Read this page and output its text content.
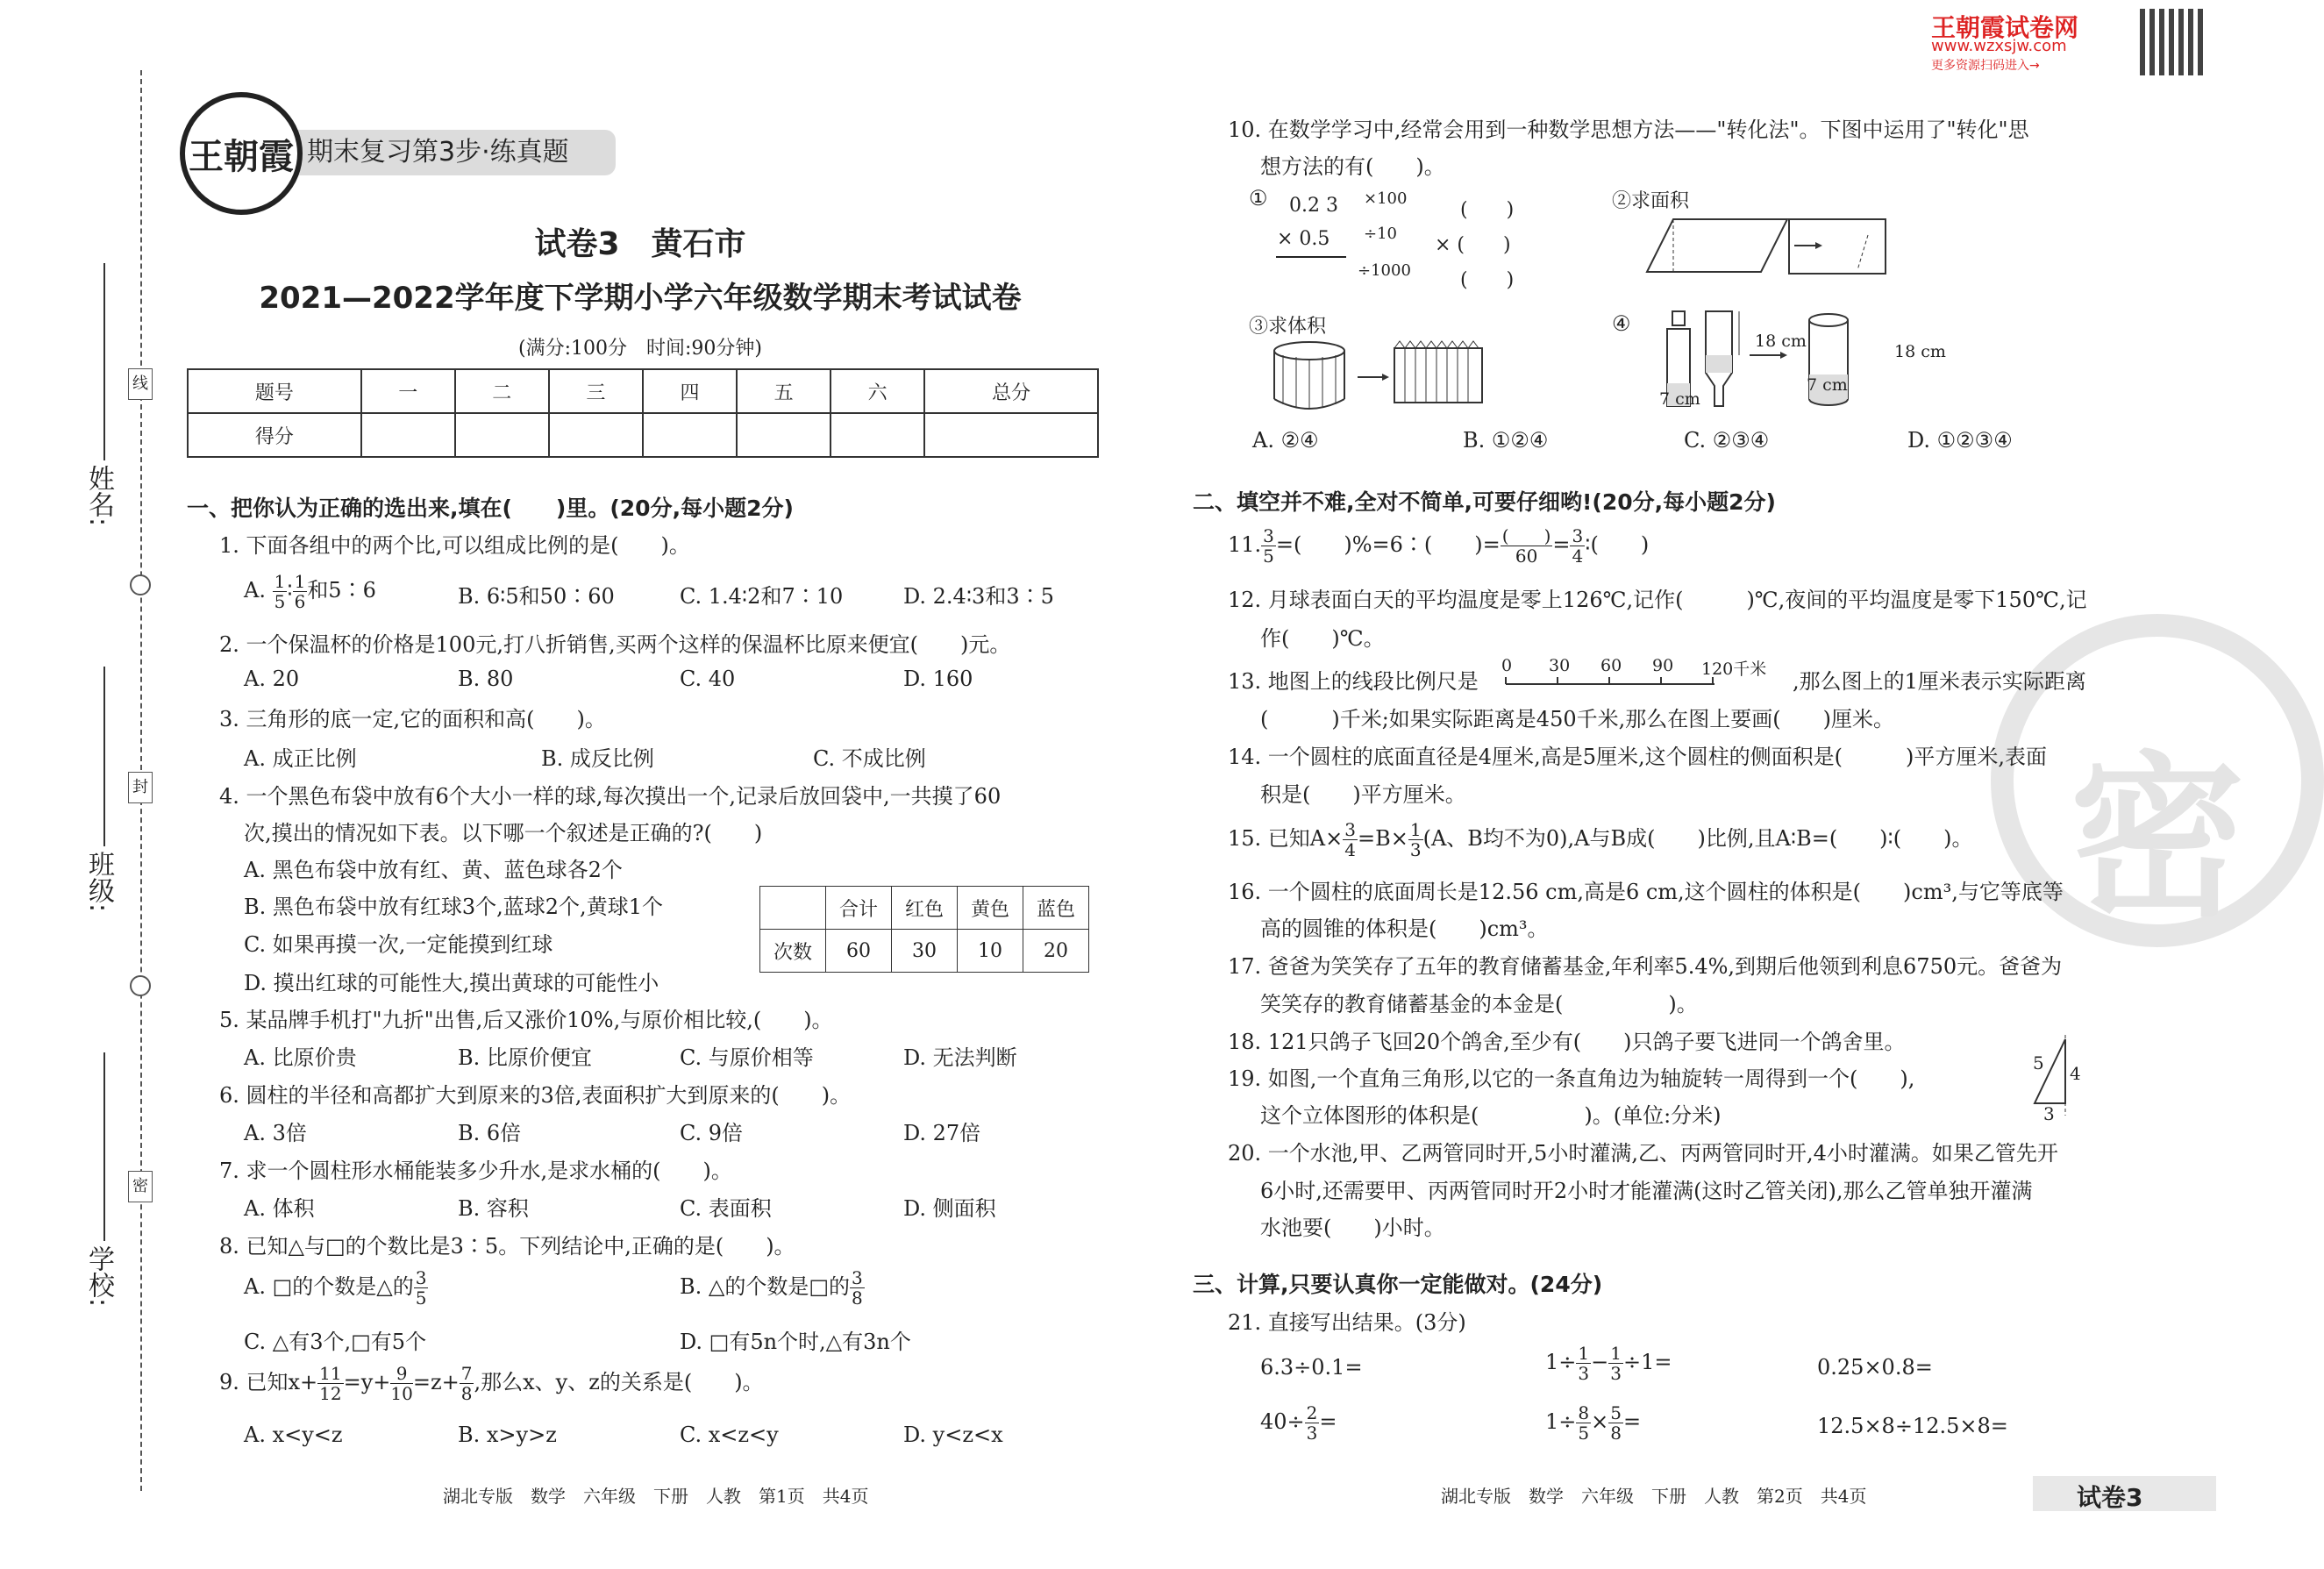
姓名:
班级:
学校:
线
封
密
期末复习第3步·练真题
王朝霞
试卷3　黄石市
2021—2022学年度下学期小学六年级数学期末考试试卷
(满分:100分　时间:90分钟)
题号	一	二	三	四	五	六	总分
得分							
一、把你认为正确的选出来,填在(　　)里。(20分,每小题2分)
1. 下面各组中的两个比,可以组成比例的是(　　)。
A. $\frac{1}{5}$ ∶ $\frac{1}{6}$ 和5∶6	B. 6∶5和50∶60	C. 1.4∶2和7∶10	D. 2.4∶3和3∶5
2. 一个保温杯的价格是100元,打八折销售,买两个这样的保温杯比原来便宜(　　)元。
A. 20	B. 80	C. 40	D. 160
3. 三角形的底一定,它的面积和高(　　)。
A. 成正比例	B. 成反比例	C. 不成比例
4. 一个黑色布袋中放有6个大小一样的球,每次摸出一个,记录后放回袋中,一共摸了60
次,摸出的情况如下表。以下哪一个叙述是正确的?(　　)
A. 黑色布袋中放有红、黄、蓝色球各2个
B. 黑色布袋中放有红球3个,蓝球2个,黄球1个
C. 如果再摸一次,一定能摸到红球
D. 摸出红球的可能性大,摸出黄球的可能性小
	合计	红色	黄色	蓝色
次数	60	30	10	20
5. 某品牌手机打"九折"出售,后又涨价10%,与原价相比较,(　　)。
A. 比原价贵	B. 比原价便宜	C. 与原价相等	D. 无法判断
6. 圆柱的半径和高都扩大到原来的3倍,表面积扩大到原来的(　　)。
A. 3倍	B. 6倍	C. 9倍	D. 27倍
7. 求一个圆柱形水桶能装多少升水,是求水桶的(　　)。
A. 体积	B. 容积	C. 表面积	D. 侧面积
8. 已知△与□的个数比是3∶5。下列结论中,正确的是(　　)。
A. □的个数是△的 $\frac{3}{5}$	B. △的个数是□的 $\frac{3}{8}$
C. △有3个,□有5个	D. □有5n个时,△有3n个
9. 已知$x+ \frac{11}{12} =y+ \frac{9}{10} =z+ \frac{7}{8}$ ,那么x、y、z的关系是(　　)。
A. x<y<z	B. x>y>z	C. x<z<y	D. y<z<x
湖北专版　数学　六年级　下册　人教　第1页　共4页
王朝霞试卷网
www.wzxsjw.com
更多资源扫码进入→
密
10. 在数学学习中,经常会用到一种数学思想方法——"转化法"。下图中运用了"转化"思
想方法的有(　　)。
① 0.2 3
× 0.5
×100
÷10
÷1000
(　　)
× (　　)
(　　)
②求面积
③求体积	④
18 cm
7 cm
18 cm
7 cm
A. ②④	B. ①②④	C. ②③④	D. ①②③④
二、填空并不难,全对不简单,可要仔细哟!(20分,每小题2分)
11. $\frac{3}{5}$ =(　　)%=6∶(　　)= (　　)
$60 = \frac{3}{4}$ ∶(　　)
12. 月球表面白天的平均温度是零上126℃,记作(　　　)℃,夜间的平均温度是零下150℃,记
作(　　)℃。
13. 地图上的线段比例尺是
0 30 60 90 120千米 ,那么图上的1厘米表示实际距离
(　　　)千米;如果实际距离是450千米,那么在图上要画(　　)厘米。
14. 一个圆柱的底面直径是4厘米,高是5厘米,这个圆柱的侧面积是(　　　)平方厘米,表面
积是(　　)平方厘米。
15. 已知$A\times \frac{3}{4} =B\times \frac{1}{3} (A$、B均不为0),A与B成(　　)比例,且A∶B=(　　)∶(　　)。
16. 一个圆柱的底面周长是12.56 cm,高是6 cm,这个圆柱的体积是(　　)cm³,与它等底等
高的圆锥的体积是(　　)cm³。
17. 爸爸为笑笑存了五年的教育储蓄基金,年利率5.4%,到期后他领到利息6750元。爸爸为
笑笑存的教育储蓄基金的本金是(　　　　　)。
18. 121只鸽子飞回20个鸽舍,至少有(　　)只鸽子要飞进同一个鸽舍里。
19. 如图,一个直角三角形,以它的一条直角边为轴旋转一周得到一个(　　),
这个立体图形的体积是(　　　　　)。(单位:分米)
5 4
3
20. 一个水池,甲、乙两管同时开,5小时灌满,乙、丙两管同时开,4小时灌满。如果乙管先开
6小时,还需要甲、丙两管同时开2小时才能灌满(这时乙管关闭),那么乙管单独开灌满
水池要(　　)小时。
三、计算,只要认真你一定能做对。(24分)
21. 直接写出结果。(3分)
6.3÷0.1=	$1\div \frac{1}{3} - \frac{1}{3} \div 1=$	0.25×0.8=
$40\div \frac{2}{3}$ =	$1\div \frac{8}{5} \times \frac{5}{8}$ =	12.5×8÷12.5×8=
湖北专版　数学　六年级　下册　人教　第2页　共4页	试卷3
